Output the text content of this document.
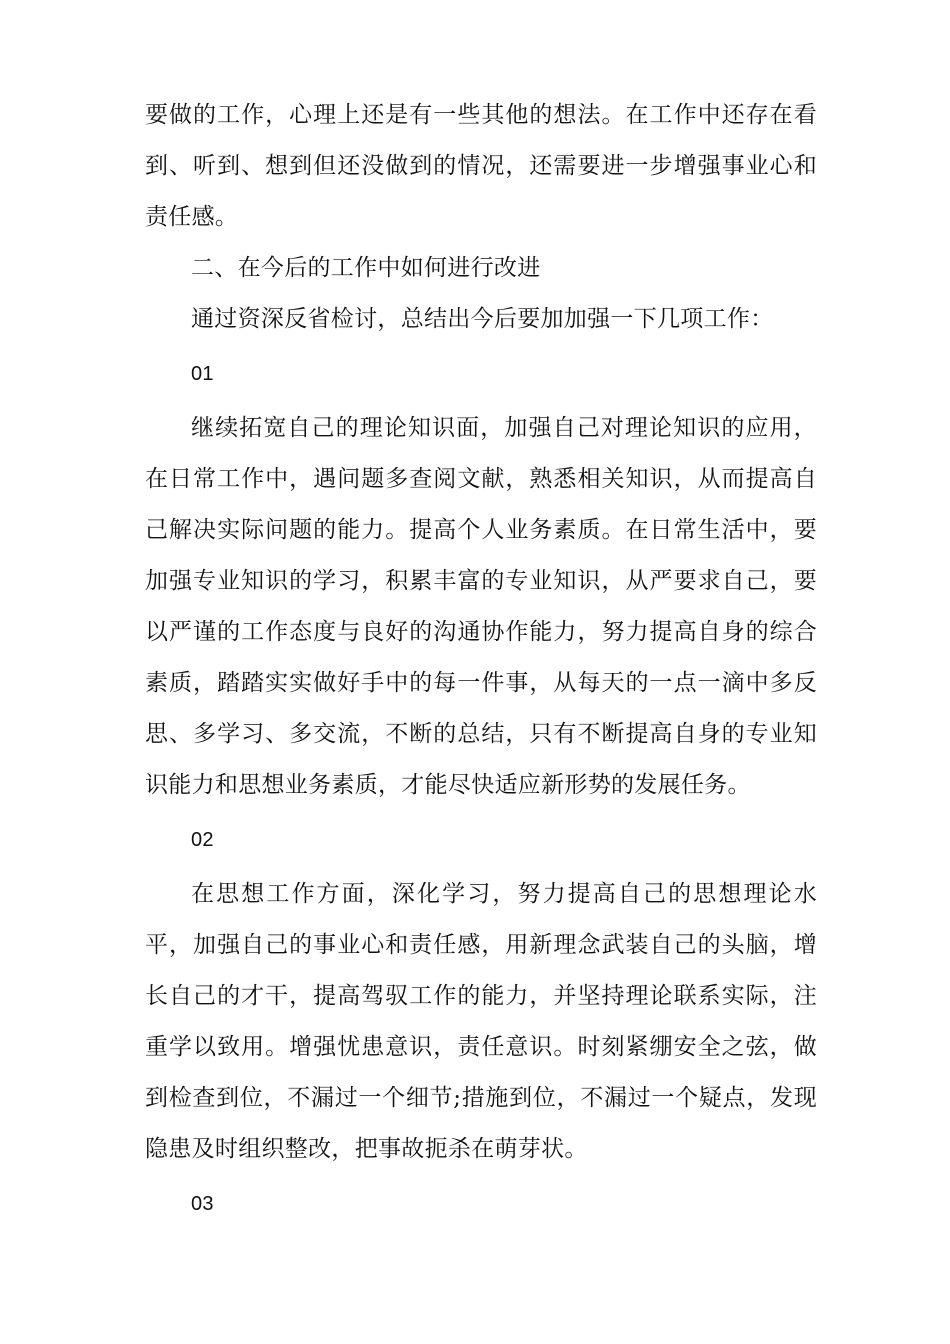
要做的工作，心理上还是有一些其他的想法。在工作中还存在看到、听到、想到但还没做到的情况，还需要进一步增强事业心和责任感。

二、在今后的工作中如何进行改进

通过资深反省检讨，总结出今后要加加强一下几项工作：

01

继续拓宽自己的理论知识面，加强自己对理论知识的应用，在日常工作中，遇问题多查阅文献，熟悉相关知识，从而提高自己解决实际问题的能力。提高个人业务素质。在日常生活中，要加强专业知识的学习，积累丰富的专业知识，从严要求自己，要以严谨的工作态度与良好的沟通协作能力，努力提高自身的综合素质，踏踏实实做好手中的每一件事，从每天的一点一滴中多反思、多学习、多交流，不断的总结，只有不断提高自身的专业知识能力和思想业务素质，才能尽快适应新形势的发展任务。

02

在思想工作方面，深化学习，努力提高自己的思想理论水平，加强自己的事业心和责任感，用新理念武装自己的头脑，增长自己的才干，提高驾驭工作的能力，并坚持理论联系实际，注重学以致用。增强忧患意识，责任意识。时刻紧绷安全之弦，做到检查到位，不漏过一个细节;措施到位，不漏过一个疑点，发现隐患及时组织整改，把事故扼杀在萌芽状。

03
